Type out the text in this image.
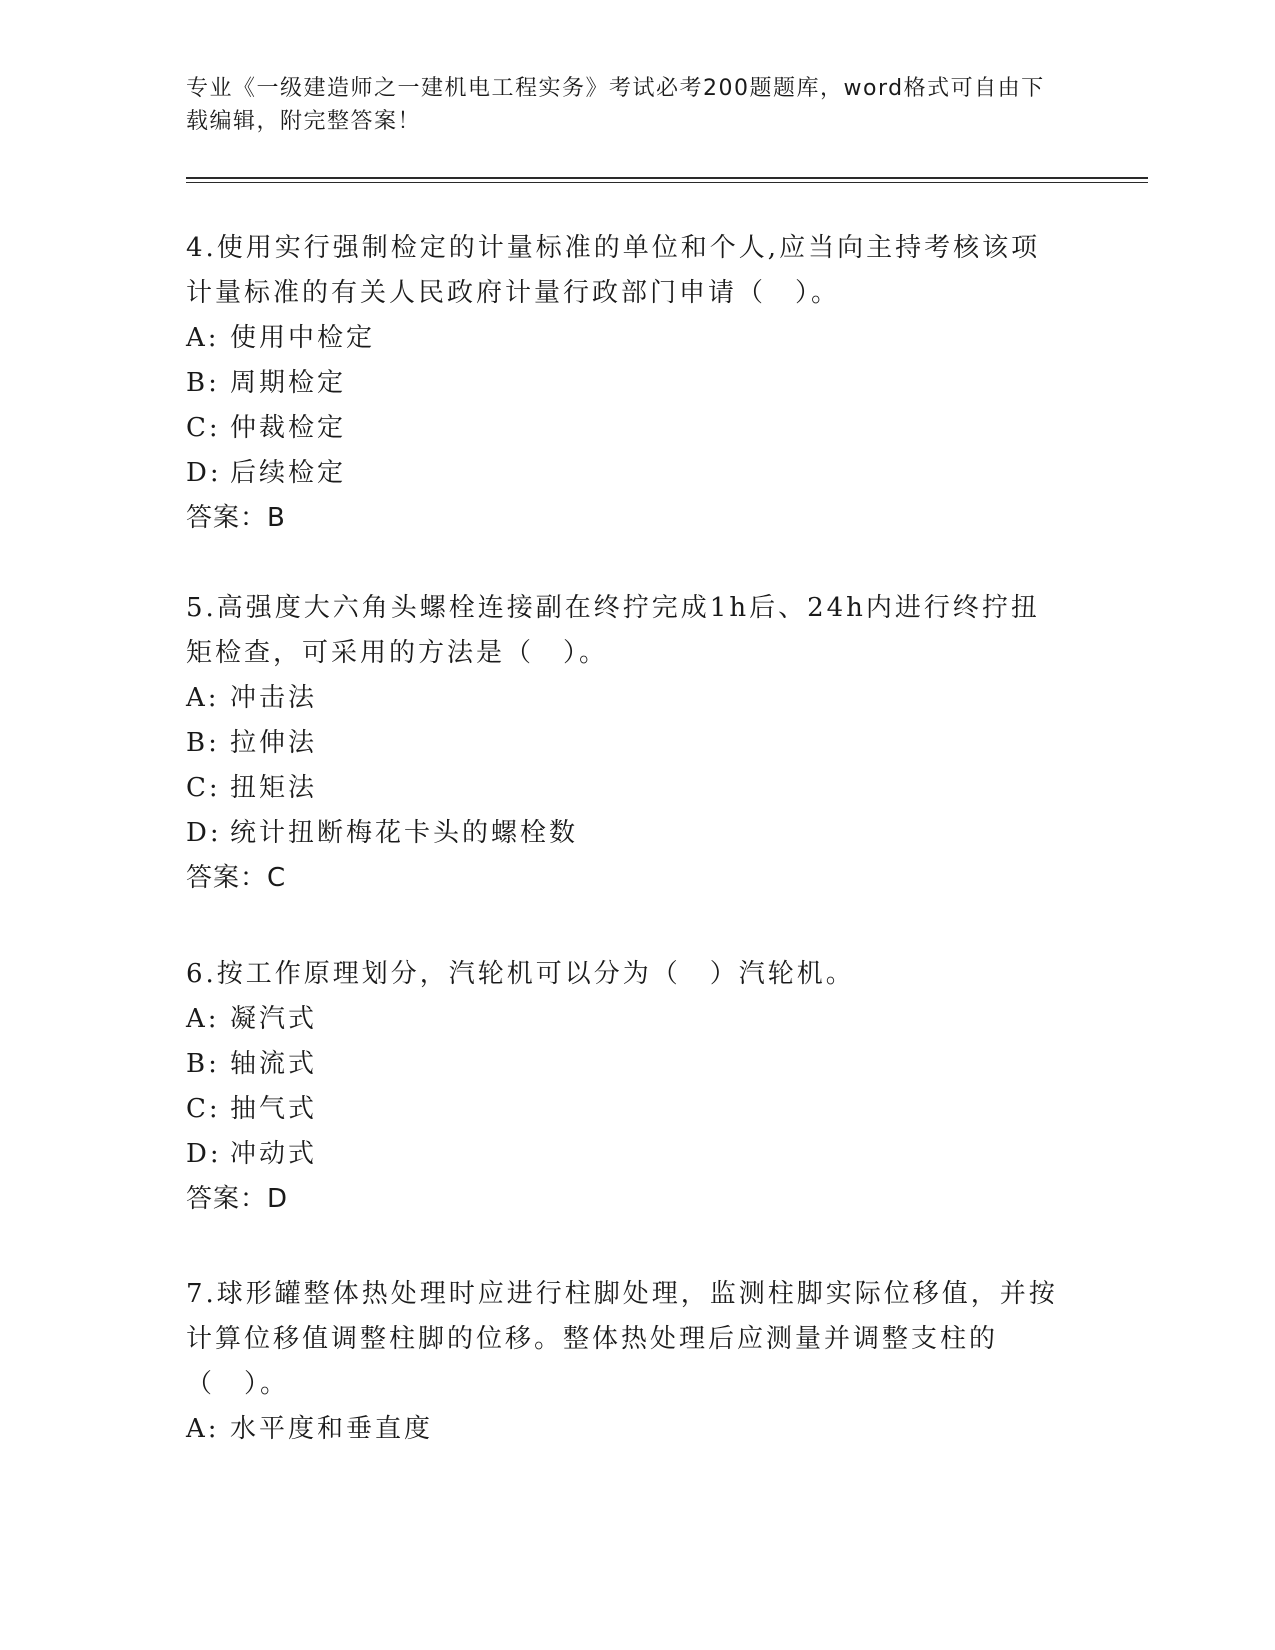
专业《一级建造师之一建机电工程实务》考试必考200题题库，word格式可自由下载编辑，附完整答案！

4.使用实行强制检定的计量标准的单位和个人,应当向主持考核该项计量标准的有关人民政府计量行政部门申请（　）。

A: 使用中检定

B: 周期检定

C: 仲裁检定

D: 后续检定

答案：B

5.高强度大六角头螺栓连接副在终拧完成1h后、24h内进行终拧扭矩检查，可采用的方法是（　）。

A: 冲击法

B: 拉伸法

C: 扭矩法

D: 统计扭断梅花卡头的螺栓数

答案：C

6.按工作原理划分，汽轮机可以分为（　）汽轮机。

A: 凝汽式

B: 轴流式

C: 抽气式

D: 冲动式

答案：D

7.球形罐整体热处理时应进行柱脚处理，监测柱脚实际位移值，并按计算位移值调整柱脚的位移。整体热处理后应测量并调整支柱的（　）。

A: 水平度和垂直度
